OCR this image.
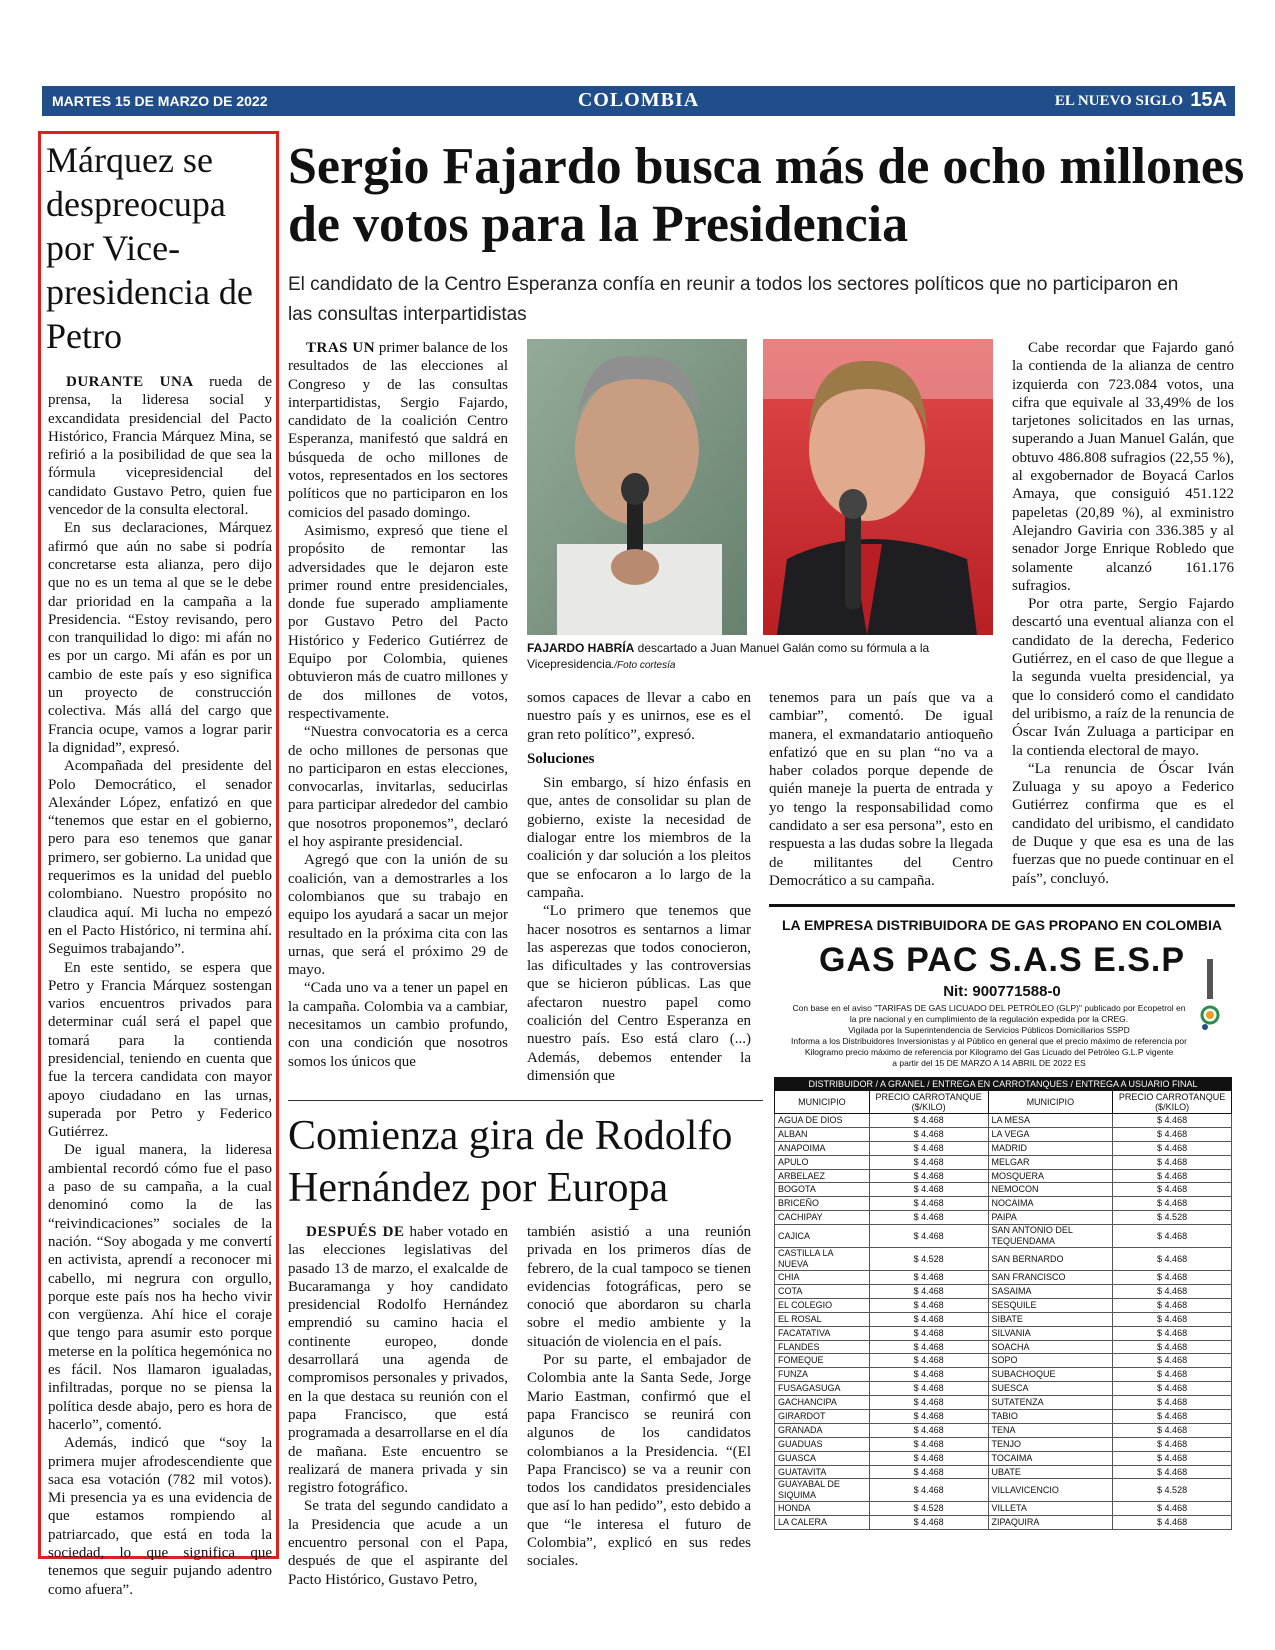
MARTES 15 DE MARZO DE 2022	COLOMBIA	EL NUEVO SIGLO 15A
Márquez se despreocupa por Vice-presidencia de Petro

DURANTE UNA rueda de prensa, la lideresa social y excandidata presidencial del Pacto Histórico, Francia Márquez Mina, se refirió a la posibilidad de que sea la fórmula vicepresidencial del candidato Gustavo Petro, quien fue vencedor de la consulta electoral.

En sus declaraciones, Márquez afirmó que aún no sabe si podría concretarse esta alianza, pero dijo que no es un tema al que se le debe dar prioridad en la campaña a la Presidencia. “Estoy revisando, pero con tranquilidad lo digo: mi afán no es por un cargo. Mi afán es por un cambio de este país y eso significa un proyecto de construcción colectiva. Más allá del cargo que Francia ocupe, vamos a lograr parir la dignidad”, expresó.

Acompañada del presidente del Polo Democrático, el senador Alexánder López, enfatizó en que “tenemos que estar en el gobierno, pero para eso tenemos que ganar primero, ser gobierno. La unidad que requerimos es la unidad del pueblo colombiano. Nuestro propósito no claudica aquí. Mi lucha no empezó en el Pacto Histórico, ni termina ahí. Seguimos trabajando”.

En este sentido, se espera que Petro y Francia Márquez sostengan varios encuentros privados para determinar cuál será el papel que tomará para la contienda presidencial, teniendo en cuenta que fue la tercera candidata con mayor apoyo ciudadano en las urnas, superada por Petro y Federico Gutiérrez.

De igual manera, la lideresa ambiental recordó cómo fue el paso a paso de su campaña, a la cual denominó como la de las “reivindicaciones” sociales de la nación. “Soy abogada y me convertí en activista, aprendí a reconocer mi cabello, mi negrura con orgullo, porque este país nos ha hecho vivir con vergüenza. Ahí hice el coraje que tengo para asumir esto porque meterse en la política hegemónica no es fácil. Nos llamaron igualadas, infiltradas, porque no se piensa la política desde abajo, pero es hora de hacerlo”, comentó.

Además, indicó que “soy la primera mujer afrodescendiente que saca esa votación (782 mil votos). Mi presencia ya es una evidencia de que estamos rompiendo al patriarcado, que está en toda la sociedad, lo que significa que tenemos que seguir pujando adentro como afuera”.

Sergio Fajardo busca más de ocho millones de votos para la Presidencia
El candidato de la Centro Esperanza confía en reunir a todos los sectores políticos que no participaron en las consultas interpartidistas

TRAS UN primer balance de los resultados de las elecciones al Congreso y de las consultas interpartidistas, Sergio Fajardo, candidato de la coalición Centro Esperanza, manifestó que saldrá en búsqueda de ocho millones de votos, representados en los sectores políticos que no participaron en los comicios del pasado domingo.

Asimismo, expresó que tiene el propósito de remontar las adversidades que le dejaron este primer round entre presidenciales, donde fue superado ampliamente por Gustavo Petro del Pacto Histórico y Federico Gutiérrez de Equipo por Colombia, quienes obtuvieron más de cuatro millones y de dos millones de votos, respectivamente.

“Nuestra convocatoria es a cerca de ocho millones de personas que no participaron en estas elecciones, convocarlas, invitarlas, seducirlas para participar alrededor del cambio que nosotros proponemos”, declaró el hoy aspirante presidencial.

Agregó que con la unión de su coalición, van a demostrarles a los colombianos que su trabajo en equipo los ayudará a sacar un mejor resultado en la próxima cita con las urnas, que será el próximo 29 de mayo.

“Cada uno va a tener un papel en la campaña. Colombia va a cambiar, necesitamos un cambio profundo, con una condición que nosotros somos los únicos que

FAJARDO HABRÍA descartado a Juan Manuel Galán como su fórmula a la Vicepresidencia./Foto cortesía

somos capaces de llevar a cabo en nuestro país y es unirnos, ese es el gran reto político”, expresó.

Soluciones

Sin embargo, sí hizo énfasis en que, antes de consolidar su plan de gobierno, existe la necesidad de dialogar entre los miembros de la coalición y dar solución a los pleitos que se enfocaron a lo largo de la campaña.

“Lo primero que tenemos que hacer nosotros es sentarnos a limar las asperezas que todos conocieron, las dificultades y las controversias que se hicieron públicas. Las que afectaron nuestro papel como coalición del Centro Esperanza en nuestro país. Eso está claro (...) Además, debemos entender la dimensión que

tenemos para un país que va a cambiar”, comentó. De igual manera, el exmandatario antioqueño enfatizó que en su plan “no va a haber colados porque depende de quién maneje la puerta de entrada y yo tengo la responsabilidad como candidato a ser esa persona”, esto en respuesta a las dudas sobre la llegada de militantes del Centro Democrático a su campaña.

Cabe recordar que Fajardo ganó la contienda de la alianza de centro izquierda con 723.084 votos, una cifra que equivale al 33,49% de los tarjetones solicitados en las urnas, superando a Juan Manuel Galán, que obtuvo 486.808 sufragios (22,55 %), al exgobernador de Boyacá Carlos Amaya, que consiguió 451.122 papeletas (20,89 %), al exministro Alejandro Gaviria con 336.385 y al senador Jorge Enrique Robledo que solamente alcanzó 161.176 sufragios.

Por otra parte, Sergio Fajardo descartó una eventual alianza con el candidato de la derecha, Federico Gutiérrez, en el caso de que llegue a la segunda vuelta presidencial, ya que lo consideró como el candidato del uribismo, a raíz de la renuncia de Óscar Iván Zuluaga a participar en la contienda electoral de mayo.

“La renuncia de Óscar Iván Zuluaga y su apoyo a Federico Gutiérrez confirma que es el candidato del uribismo, el candidato de Duque y que esa es una de las fuerzas que no puede continuar en el país”, concluyó.

Comienza gira de Rodolfo Hernández por Europa

DESPUÉS DE haber votado en las elecciones legislativas del pasado 13 de marzo, el exalcalde de Bucaramanga y hoy candidato presidencial Rodolfo Hernández emprendió su camino hacia el continente europeo, donde desarrollará una agenda de compromisos personales y privados, en la que destaca su reunión con el papa Francisco, que está programada a desarrollarse en el día de mañana. Este encuentro se realizará de manera privada y sin registro fotográfico.

Se trata del segundo candidato a la Presidencia que acude a un encuentro personal con el Papa, después de que el aspirante del Pacto Histórico, Gustavo Petro,

también asistió a una reunión privada en los primeros días de febrero, de la cual tampoco se tienen evidencias fotográficas, pero se conoció que abordaron su charla sobre el medio ambiente y la situación de violencia en el país.

Por su parte, el embajador de Colombia ante la Santa Sede, Jorge Mario Eastman, confirmó que el papa Francisco se reunirá con algunos de los candidatos colombianos a la Presidencia. “(El Papa Francisco) se va a reunir con todos los candidatos presidenciales que así lo han pedido”, esto debido a que “le interesa el futuro de Colombia”, explicó en sus redes sociales.

LA EMPRESA DISTRIBUIDORA DE GAS PROPANO EN COLOMBIA
GAS PAC S.A.S E.S.P
Nit: 900771588-0
Con base en el aviso "TARIFAS DE GAS LICUADO DEL PETRÓLEO (GLP)" publicado por Ecopetrol en la pre nacional y en cumplimiento de la regulación expedida por la CREG.
Vigilada por la Superintendencia de Servicios Públicos Domiciliarios SSPD
Informa a los Distribuidores Inversionistas y al Público en general que el precio máximo de referencia por Kilogramo precio máximo de referencia por Kilogramo del Gas Licuado del Petróleo G.L.P vigente
a partir del 15 DE MARZO A 14 ABRIL DE 2022 ES
DISTRIBUIDOR / A GRANEL / ENTREGA EN CARROTANQUES / ENTREGA A USUARIO FINAL			
MUNICIPIO	PRECIO CARROTANQUE ($/KILO)	MUNICIPIO	PRECIO CARROTANQUE ($/KILO)
AGUA DE DIOS	$ 4.468	LA MESA	$ 4.468
ALBAN	$ 4.468	LA VEGA	$ 4.468
ANAPOIMA	$ 4.468	MADRID	$ 4.468
APULO	$ 4.468	MELGAR	$ 4.468
ARBELAEZ	$ 4.468	MOSQUERA	$ 4.468
BOGOTA	$ 4.468	NEMOCON	$ 4.468
BRICEÑO	$ 4.468	NOCAIMA	$ 4.468
CACHIPAY	$ 4.468	PAIPA	$ 4.528
CAJICA	$ 4.468	SAN ANTONIO DEL TEQUENDAMA	$ 4.468
CASTILLA LA NUEVA	$ 4.528	SAN BERNARDO	$ 4.468
CHIA	$ 4.468	SAN FRANCISCO	$ 4.468
COTA	$ 4.468	SASAIMA	$ 4.468
EL COLEGIO	$ 4.468	SESQUILE	$ 4.468
EL ROSAL	$ 4.468	SIBATE	$ 4.468
FACATATIVA	$ 4.468	SILVANIA	$ 4.468
FLANDES	$ 4.468	SOACHA	$ 4.468
FOMEQUE	$ 4.468	SOPO	$ 4.468
FUNZA	$ 4.468	SUBACHOQUE	$ 4.468
FUSAGASUGA	$ 4.468	SUESCA	$ 4.468
GACHANCIPA	$ 4.468	SUTATENZA	$ 4.468
GIRARDOT	$ 4.468	TABIO	$ 4.468
GRANADA	$ 4.468	TENA	$ 4.468
GUADUAS	$ 4.468	TENJO	$ 4.468
GUASCA	$ 4.468	TOCAIMA	$ 4.468
GUATAVITA	$ 4.468	UBATE	$ 4.468
GUAYABAL DE SIQUIMA	$ 4.468	VILLAVICENCIO	$ 4.528
HONDA	$ 4.528	VILLETA	$ 4.468
LA CALERA	$ 4.468	ZIPAQUIRA	$ 4.468
